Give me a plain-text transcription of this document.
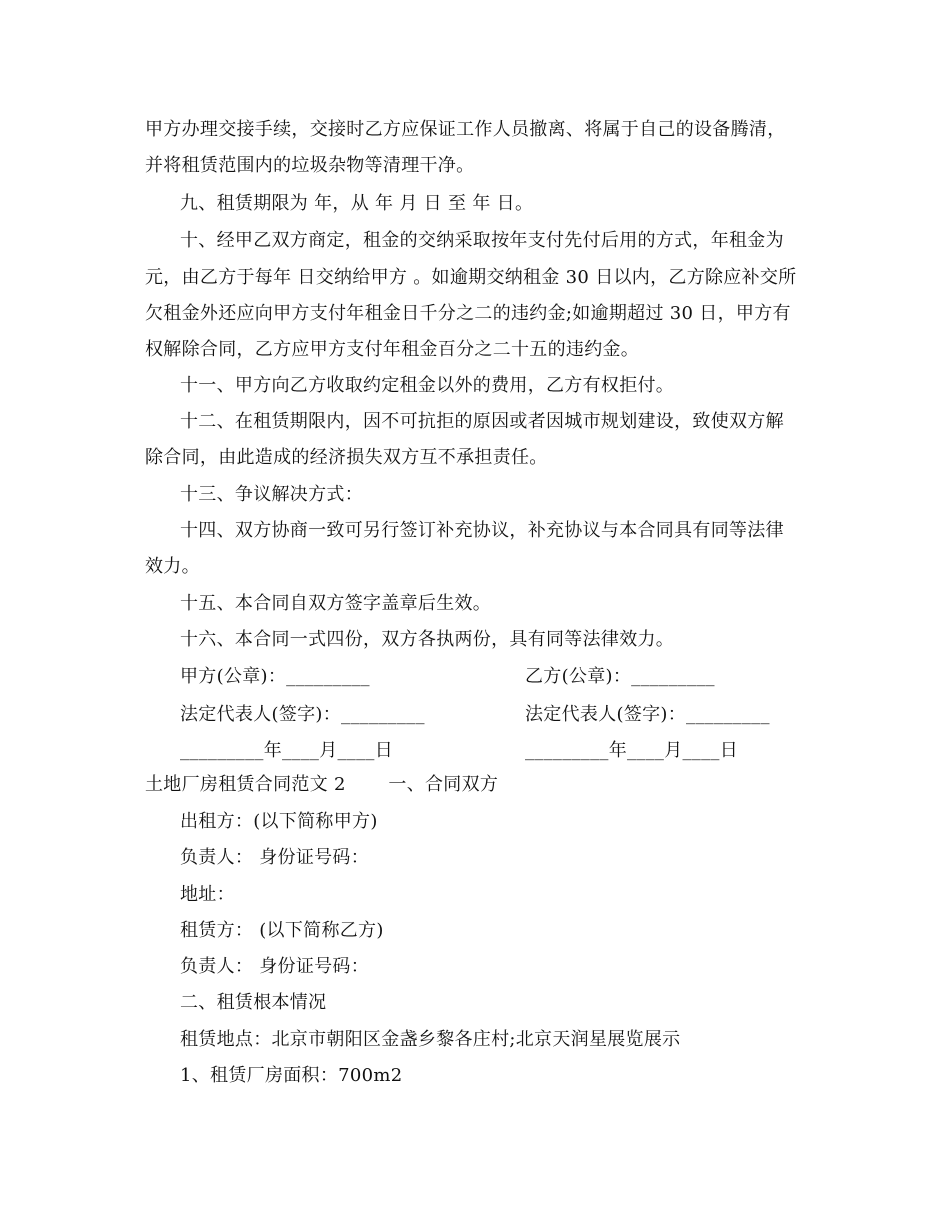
甲方办理交接手续，交接时乙方应保证工作人员撤离、将属于自己的设备腾清，
并将租赁范围内的垃圾杂物等清理干净。
九、租赁期限为 年，从 年 月 日 至 年 日。
十、经甲乙双方商定，租金的交纳采取按年支付先付后用的方式，年租金为
元，由乙方于每年 日交纳给甲方 。如逾期交纳租金 30 日以内，乙方除应补交所
欠租金外还应向甲方支付年租金日千分之二的违约金;如逾期超过 30 日，甲方有
权解除合同，乙方应甲方支付年租金百分之二十五的违约金。
十一、甲方向乙方收取约定租金以外的费用，乙方有权拒付。
十二、在租赁期限内，因不可抗拒的原因或者因城市规划建设，致使双方解
除合同，由此造成的经济损失双方互不承担责任。
十三、争议解决方式：
十四、双方协商一致可另行签订补充协议，补充协议与本合同具有同等法律
效力。
十五、本合同自双方签字盖章后生效。
十六、本合同一式四份，双方各执两份，具有同等法律效力。
甲方(公章)：_________	乙方(公章)：_________
法定代表人(签字)：_________	法定代表人(签字)：_________
_________年____月____日	_________年____月____日
土地厂房租赁合同范文 2　　 一、合同双方
出租方：(以下简称甲方)
负责人： 身份证号码：
地址：
租赁方： (以下简称乙方)
负责人： 身份证号码：
二、租赁根本情况
租赁地点：北京市朝阳区金盏乡黎各庄村;北京天润星展览展示
1、租赁厂房面积：700m2
